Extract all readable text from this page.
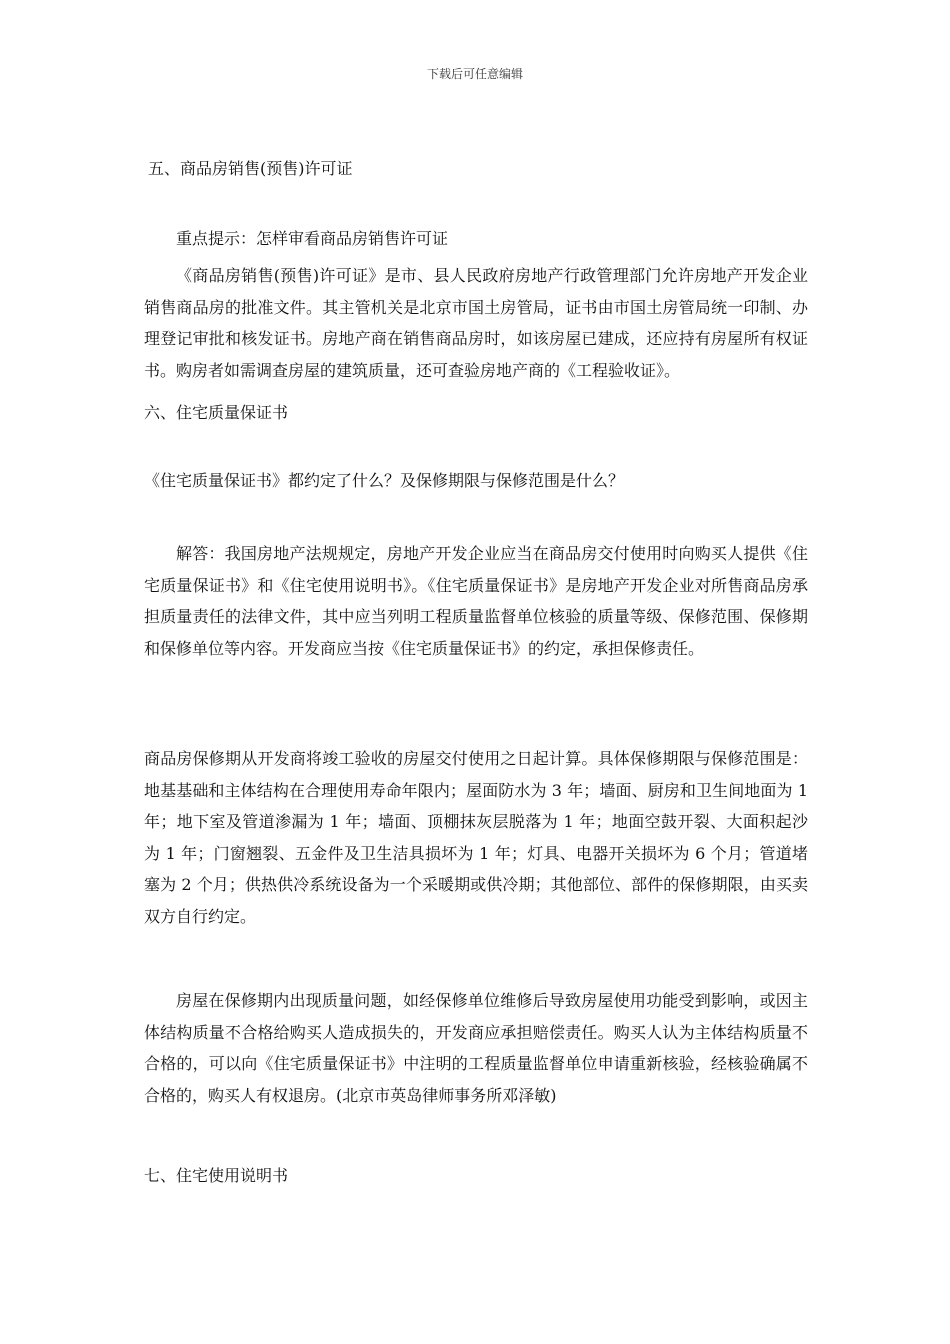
下载后可任意编辑
五、商品房销售(预售)许可证
重点提示：怎样审看商品房销售许可证
《商品房销售(预售)许可证》是市、县人民政府房地产行政管理部门允许房地产开发企业销售商品房的批准文件。其主管机关是北京市国土房管局，证书由市国土房管局统一印制、办理登记审批和核发证书。房地产商在销售商品房时，如该房屋已建成，还应持有房屋所有权证书。购房者如需调查房屋的建筑质量，还可查验房地产商的《工程验收证》。
六、住宅质量保证书
《住宅质量保证书》都约定了什么？及保修期限与保修范围是什么？
解答：我国房地产法规规定，房地产开发企业应当在商品房交付使用时向购买人提供《住宅质量保证书》和《住宅使用说明书》。《住宅质量保证书》是房地产开发企业对所售商品房承担质量责任的法律文件，其中应当列明工程质量监督单位核验的质量等级、保修范围、保修期和保修单位等内容。开发商应当按《住宅质量保证书》的约定，承担保修责任。
商品房保修期从开发商将竣工验收的房屋交付使用之日起计算。具体保修期限与保修范围是：地基基础和主体结构在合理使用寿命年限内；屋面防水为 3 年；墙面、厨房和卫生间地面为 1 年；地下室及管道渗漏为 1 年；墙面、顶棚抹灰层脱落为 1 年；地面空鼓开裂、大面积起沙为 1 年；门窗翘裂、五金件及卫生洁具损坏为 1 年；灯具、电器开关损坏为 6 个月；管道堵塞为 2 个月；供热供冷系统设备为一个采暖期或供冷期；其他部位、部件的保修期限，由买卖双方自行约定。
房屋在保修期内出现质量问题，如经保修单位维修后导致房屋使用功能受到影响，或因主体结构质量不合格给购买人造成损失的，开发商应承担赔偿责任。购买人认为主体结构质量不合格的，可以向《住宅质量保证书》中注明的工程质量监督单位申请重新核验，经核验确属不合格的，购买人有权退房。(北京市英岛律师事务所邓泽敏)
七、住宅使用说明书
